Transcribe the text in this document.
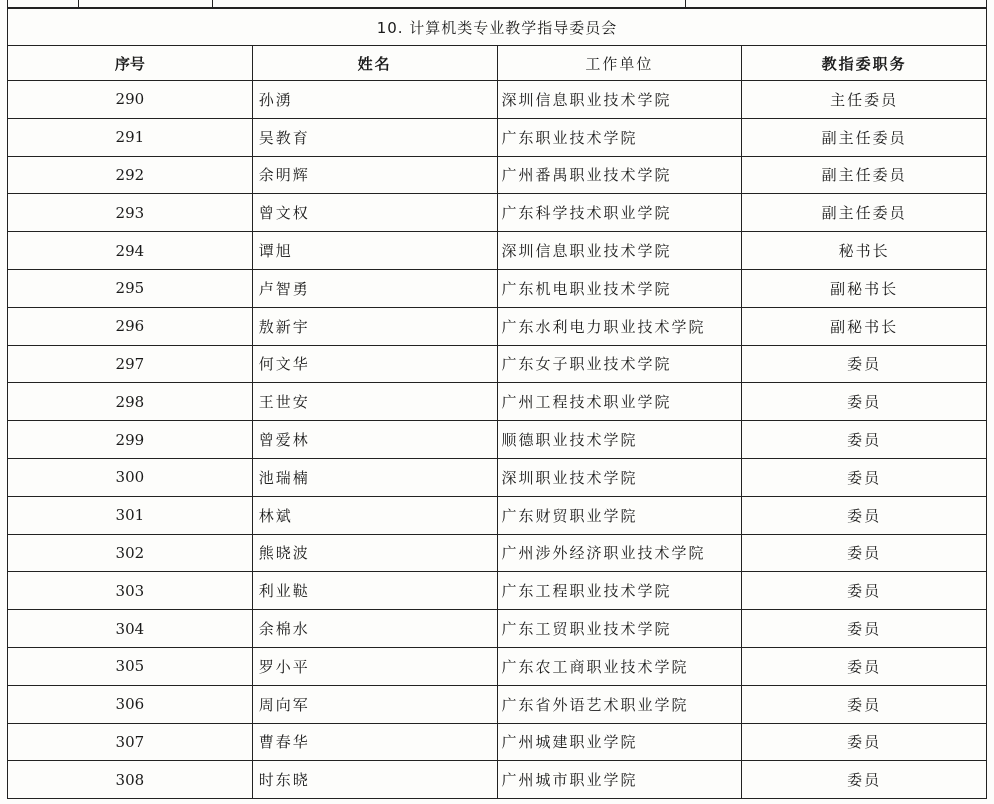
10. 计算机类专业教学指导委员会			
序号	姓名	工作单位	教指委职务
290	孙湧	深圳信息职业技术学院	主任委员
291	吴教育	广东职业技术学院	副主任委员
292	余明辉	广州番禺职业技术学院	副主任委员
293	曾文权	广东科学技术职业学院	副主任委员
294	谭旭	深圳信息职业技术学院	秘书长
295	卢智勇	广东机电职业技术学院	副秘书长
296	敖新宇	广东水利电力职业技术学院	副秘书长
297	何文华	广东女子职业技术学院	委员
298	王世安	广州工程技术职业学院	委员
299	曾爱林	顺德职业技术学院	委员
300	池瑞楠	深圳职业技术学院	委员
301	林斌	广东财贸职业学院	委员
302	熊晓波	广州涉外经济职业技术学院	委员
303	利业鞑	广东工程职业技术学院	委员
304	余棉水	广东工贸职业技术学院	委员
305	罗小平	广东农工商职业技术学院	委员
306	周向军	广东省外语艺术职业学院	委员
307	曹春华	广州城建职业学院	委员
308	时东晓	广州城市职业学院	委员
